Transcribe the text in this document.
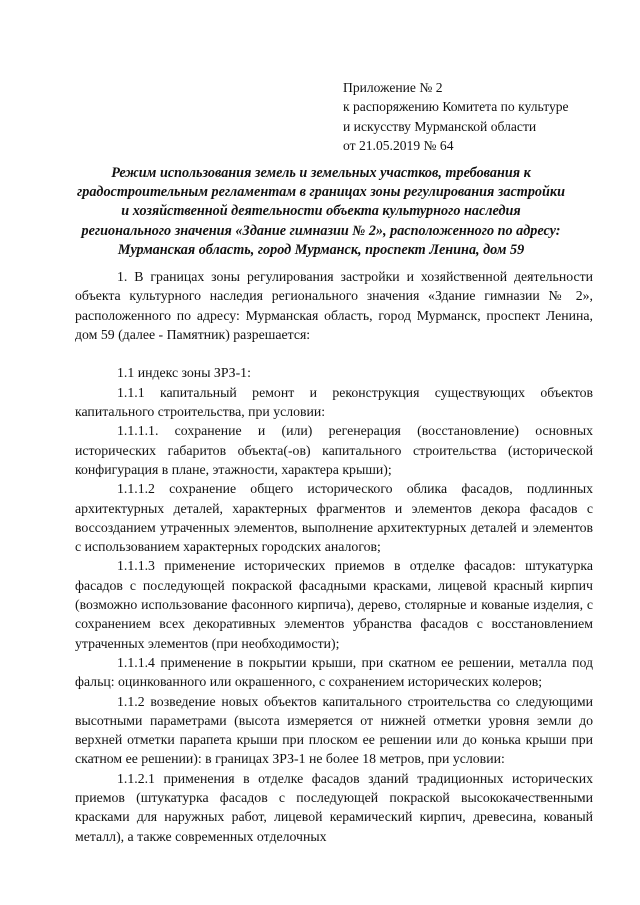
Приложение № 2
к распоряжению Комитета по культуре
и искусству Мурманской области
от 21.05.2019 № 64
Режим использования земель и земельных участков, требования к градостроительным регламентам в границах зоны регулирования застройки и хозяйственной деятельности объекта культурного наследия регионального значения «Здание гимназии № 2», расположенного по адресу: Мурманская область, город Мурманск, проспект Ленина, дом 59

1. В границах зоны регулирования застройки и хозяйственной деятельности объекта культурного наследия регионального значения «Здание гимназии № 2», расположенного по адресу: Мурманская область, город Мурманск, проспект Ленина, дом 59 (далее - Памятник) разрешается:

1.1 индекс зоны ЗРЗ-1:

1.1.1 капитальный ремонт и реконструкция существующих объектов капитального строительства, при условии:

1.1.1.1. сохранение и (или) регенерация (восстановление) основных исторических габаритов объекта(-ов) капитального строительства (исторической конфигурация в плане, этажности, характера крыши);

1.1.1.2 сохранение общего исторического облика фасадов, подлинных архитектурных деталей, характерных фрагментов и элементов декора фасадов с воссозданием утраченных элементов, выполнение архитектурных деталей и элементов с использованием характерных городских аналогов;

1.1.1.3 применение исторических приемов в отделке фасадов: штукатурка фасадов с последующей покраской фасадными красками, лицевой красный кирпич (возможно использование фасонного кирпича), дерево, столярные и кованые изделия, с сохранением всех декоративных элементов убранства фасадов с восстановлением утраченных элементов (при необходимости);

1.1.1.4 применение в покрытии крыши, при скатном ее решении, металла под фальц: оцинкованного или окрашенного, с сохранением исторических колеров;

1.1.2 возведение новых объектов капитального строительства со следующими высотными параметрами (высота измеряется от нижней отметки уровня земли до верхней отметки парапета крыши при плоском ее решении или до конька крыши при скатном ее решении): в границах ЗРЗ-1 не более 18 метров, при условии:

1.1.2.1 применения в отделке фасадов зданий традиционных исторических приемов (штукатурка фасадов с последующей покраской высококачественными красками для наружных работ, лицевой керамический кирпич, древесина, кованый металл), а также современных отделочных
